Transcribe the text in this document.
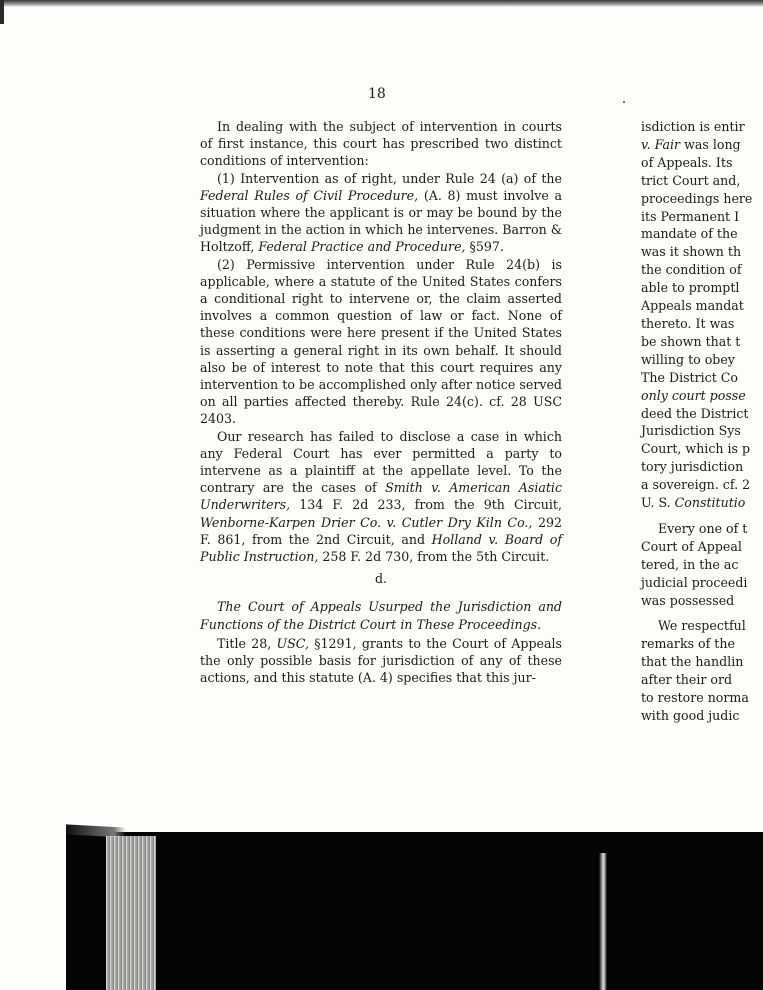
18

In dealing with the subject of intervention in courts of first instance, this court has prescribed two distinct conditions of intervention:

(1) Intervention as of right, under Rule 24 (a) of the Federal Rules of Civil Procedure, (A. 8) must involve a situation where the applicant is or may be bound by the judgment in the action in which he intervenes. Barron & Holtzoff, Federal Practice and Procedure, §597.

(2) Permissive intervention under Rule 24(b) is applicable, where a statute of the United States confers a conditional right to intervene or, the claim asserted involves a common question of law or fact. None of these conditions were here present if the United States is asserting a general right in its own behalf. It should also be of interest to note that this court requires any intervention to be accomplished only after notice served on all parties affected thereby. Rule 24(c). cf. 28 USC 2403.

Our research has failed to disclose a case in which any Federal Court has ever permitted a party to intervene as a plaintiff at the appellate level. To the contrary are the cases of Smith v. American Asiatic Underwriters, 134 F. 2d 233, from the 9th Circuit, Wenborne-Karpen Drier Co. v. Cutler Dry Kiln Co., 292 F. 861, from the 2nd Circuit, and Holland v. Board of Public Instruction, 258 F. 2d 730, from the 5th Circuit.

d.

The Court of Appeals Usurped the Jurisdiction and Functions of the District Court in These Proceedings.

Title 28, USC, §1291, grants to the Court of Appeals the only possible basis for jurisdiction of any of these actions, and this statute (A. 4) specifies that this jur-

isdiction is entir
v. Fair was long
of Appeals. Its
trict Court and,
proceedings here
its Permanent I
mandate of the
was it shown th
the condition of
able to promptl
Appeals mandat
thereto. It was
be shown that t
willing to obey
The District Co
only court posse
deed the District
Jurisdiction Sys
Court, which is p
tory jurisdiction
a sovereign. cf. 2
U. S. Constitutio
Every one of t
Court of Appeal
tered, in the ac
judicial proceedi
was possessed
We respectful
remarks of the
that the handlin
after their ord
to restore norma
with good judic
